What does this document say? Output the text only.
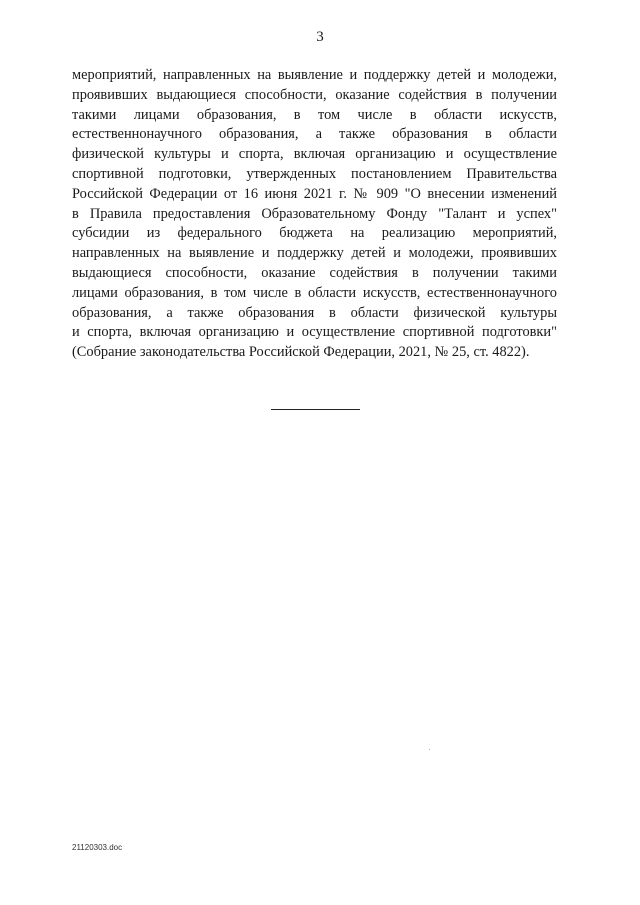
3
мероприятий, направленных на выявление и поддержку детей и молодежи,
проявивших выдающиеся способности, оказание содействия в получении
такими лицами образования, в том числе в области искусств,
естественнонаучного образования, а также образования в области
физической культуры и спорта, включая организацию и осуществление
спортивной подготовки, утвержденных постановлением Правительства
Российской Федерации от 16 июня 2021 г. № 909 "О внесении изменений
в Правила предоставления Образовательному Фонду "Талант и успех"
субсидии из федерального бюджета на реализацию мероприятий,
направленных на выявление и поддержку детей и молодежи, проявивших
выдающиеся способности, оказание содействия в получении такими
лицами образования, в том числе в области искусств, естественнонаучного
образования, а также образования в области физической культуры
и спорта, включая организацию и осуществление спортивной подготовки"
(Собрание законодательства Российской Федерации, 2021, № 25, ст. 4822).
21120303.doc
